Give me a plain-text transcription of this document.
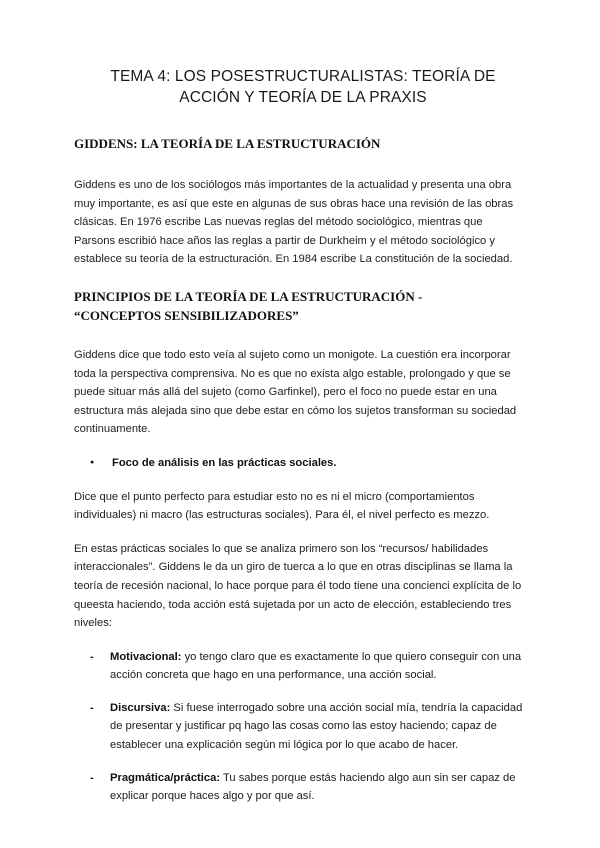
TEMA 4: LOS POSESTRUCTURALISTAS: TEORÍA DE
ACCIÓN Y TEORÍA DE LA PRAXIS
GIDDENS: LA TEORÍA DE LA ESTRUCTURACIÓN

Giddens es uno de los sociólogos más importantes de la actualidad y presenta una obra muy importante, es así que este en algunas de sus obras hace una revisión de las obras clásicas. En 1976 escribe Las nuevas reglas del método sociológico, mientras que Parsons escribió hace años las reglas a partir de Durkheim y el método sociológico y establece su teoría de la estructuración. En 1984 escribe La constitución de la sociedad.

PRINCIPIOS DE LA TEORÍA DE LA ESTRUCTURACIÓN - “CONCEPTOS SENSIBILIZADORES”

Giddens dice que todo esto veía al sujeto como un monigote. La cuestión era incorporar toda la perspectiva comprensiva. No es que no exista algo estable, prolongado y que se puede situar más allá del sujeto (como Garfinkel), pero el foco no puede estar en una estructura más alejada sino que debe estar en cómo los sujetos transforman su sociedad continuamente.

●	Foco de análisis en las prácticas sociales.

Dice que el punto perfecto para estudiar esto no es ni el micro (comportamientos individuales) ni macro (las estructuras sociales). Para él, el nivel perfecto es mezzo.

En estas prácticas sociales lo que se analiza primero son los “recursos/ habilidades interaccionales”. Giddens le da un giro de tuerca a lo que en otras disciplinas se llama la teoría de recesión nacional, lo hace porque para él todo tiene una concienci explícita de lo queesta haciendo, toda acción está sujetada por un acto de elección, estableciendo tres niveles:

-	Motivacional: yo tengo claro que es exactamente lo que quiero conseguir con una acción concreta que hago en una performance, una acción social.
-	Discursiva: Si fuese interrogado sobre una acción social mía, tendría la capacidad de presentar y justificar pq hago las cosas como las estoy haciendo; capaz de establecer una explicación según mi lógica por lo que acabo de hacer.
-	Pragmática/práctica: Tu sabes porque estás haciendo algo aun sin ser capaz de explicar porque haces algo y por que así.
